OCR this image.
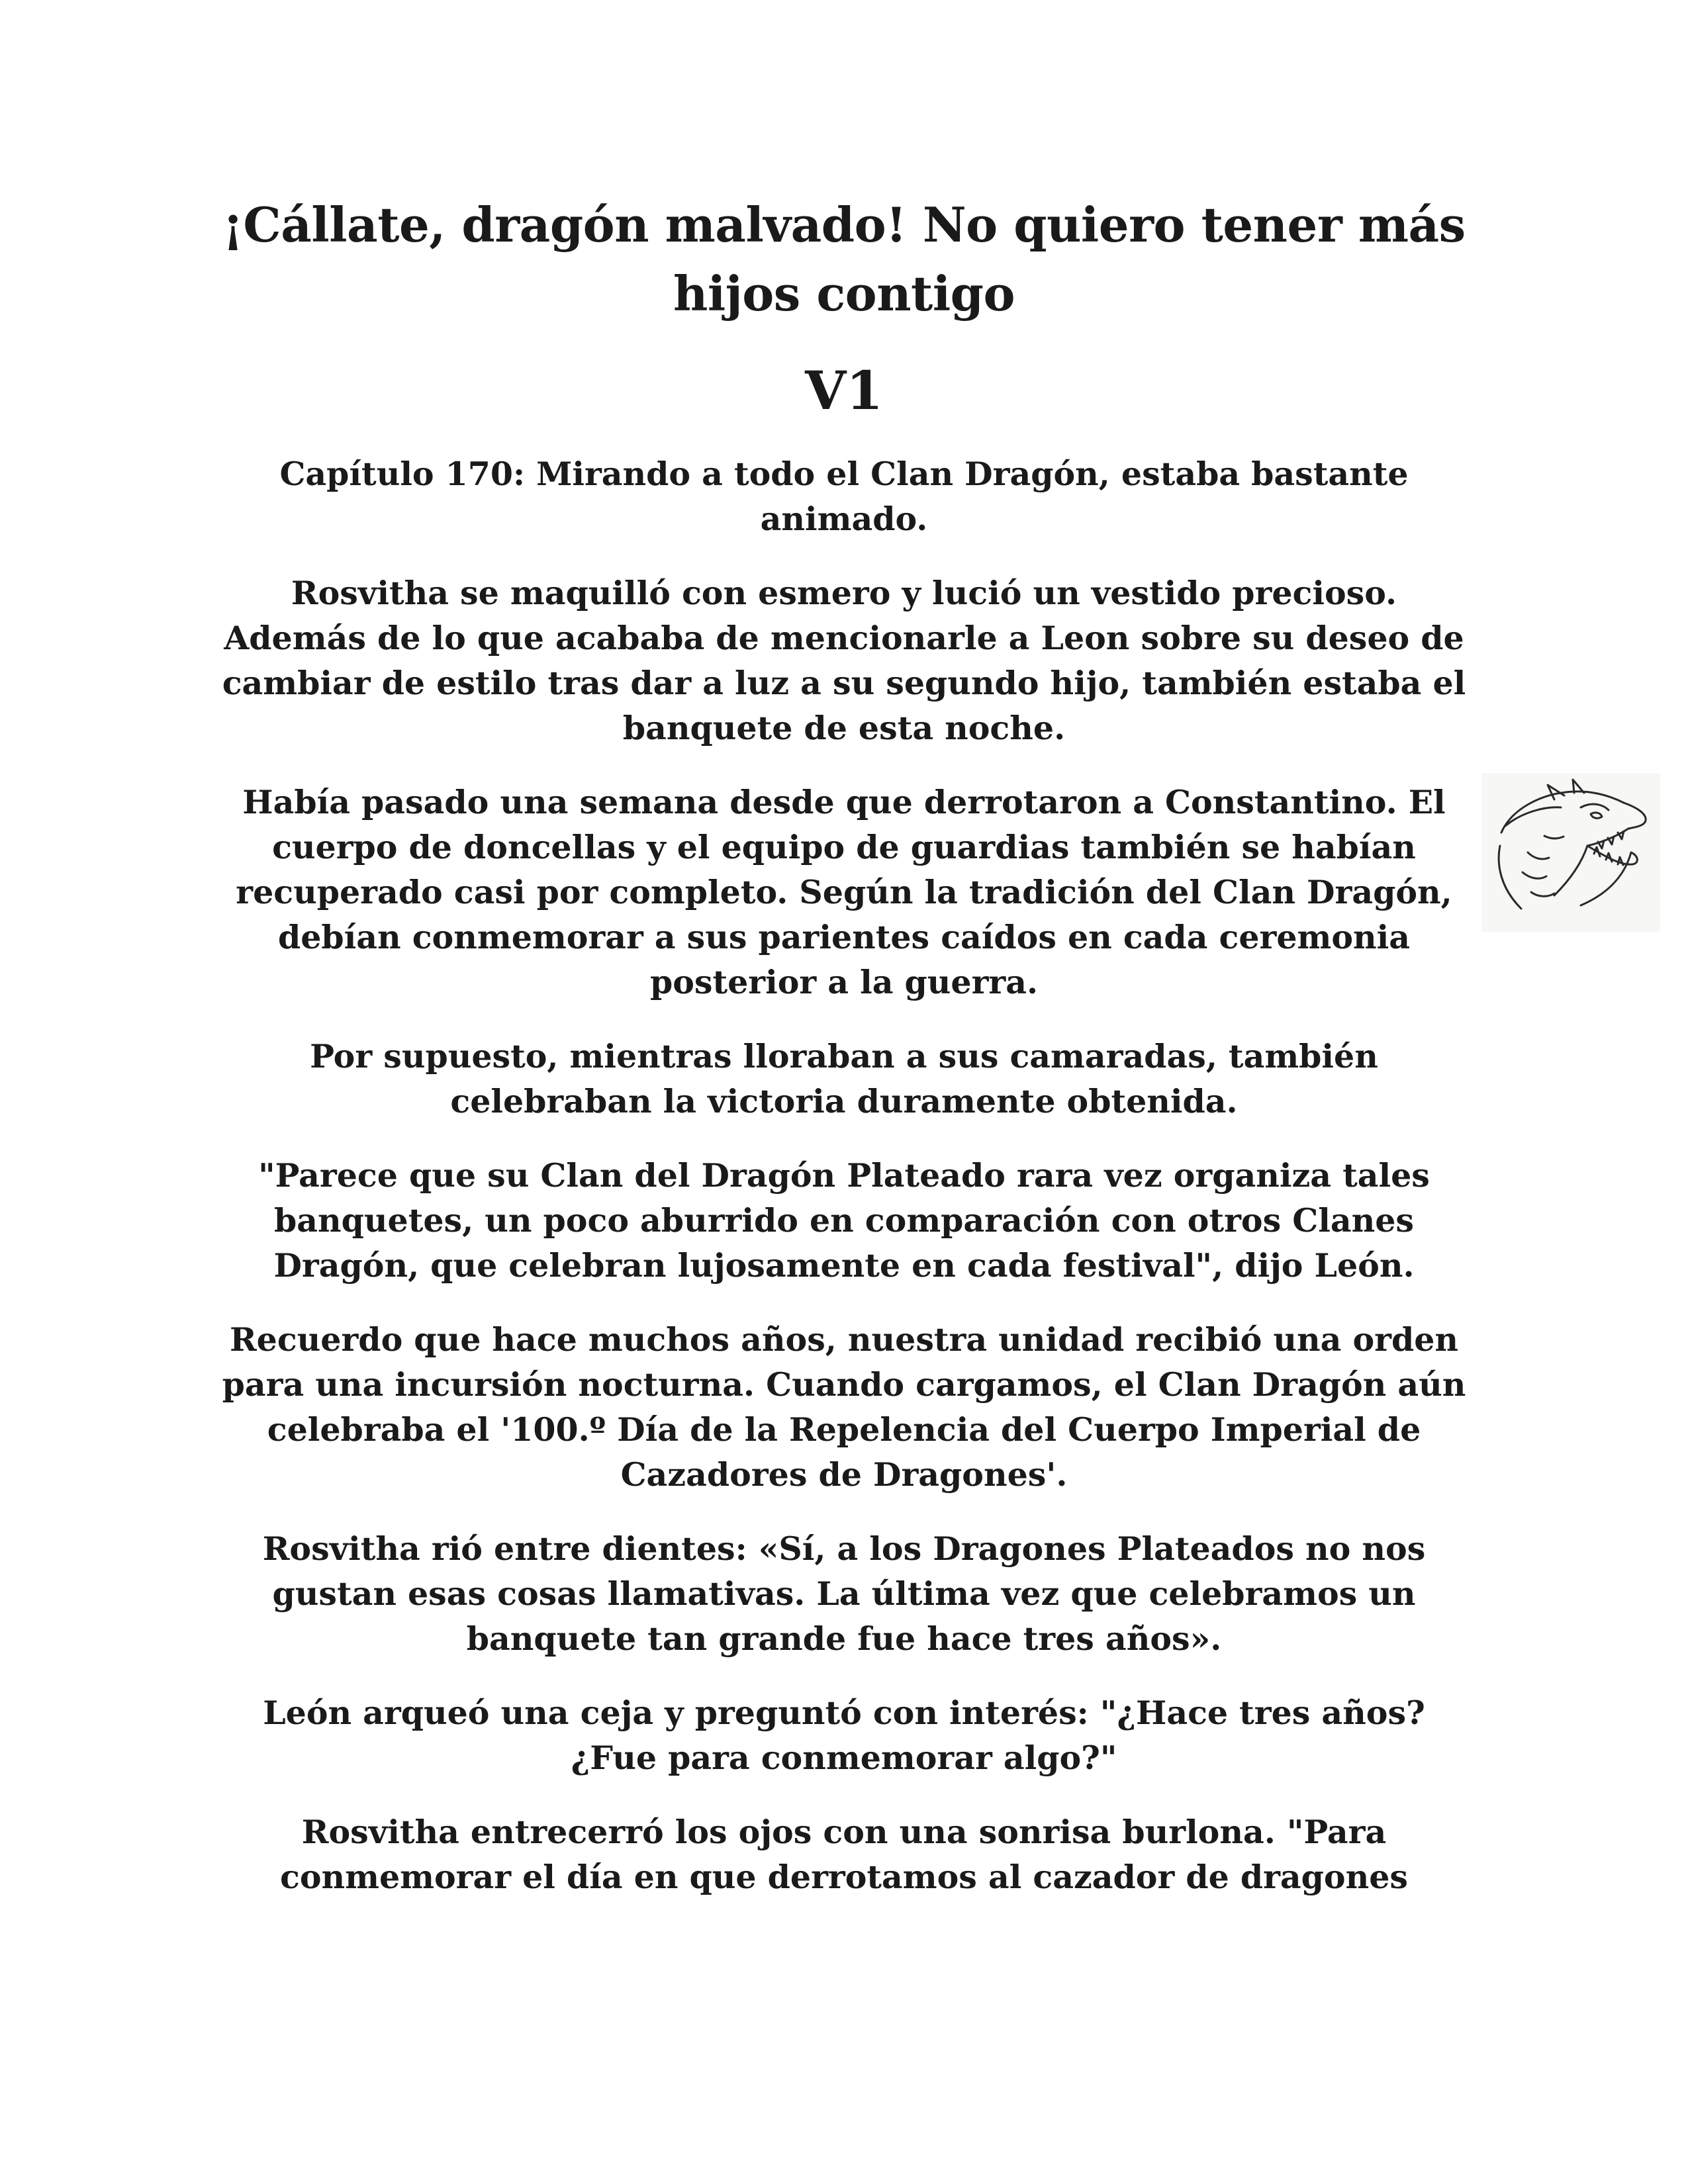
¡Cállate, dragón malvado! No quiero tener más hijos contigo
V1

Capítulo 170: Mirando a todo el Clan Dragón, estaba bastante animado.

Rosvitha se maquilló con esmero y lució un vestido precioso. Además de lo que acababa de mencionarle a Leon sobre su deseo de cambiar de estilo tras dar a luz a su segundo hijo, también estaba el banquete de esta noche.

Había pasado una semana desde que derrotaron a Constantino. El cuerpo de doncellas y el equipo de guardias también se habían recuperado casi por completo. Según la tradición del Clan Dragón, debían conmemorar a sus parientes caídos en cada ceremonia posterior a la guerra.

Por supuesto, mientras lloraban a sus camaradas, también celebraban la victoria duramente obtenida.

"Parece que su Clan del Dragón Plateado rara vez organiza tales banquetes, un poco aburrido en comparación con otros Clanes Dragón, que celebran lujosamente en cada festival", dijo León.

Recuerdo que hace muchos años, nuestra unidad recibió una orden para una incursión nocturna. Cuando cargamos, el Clan Dragón aún celebraba el '100.º Día de la Repelencia del Cuerpo Imperial de Cazadores de Dragones'.

Rosvitha rió entre dientes: «Sí, a los Dragones Plateados no nos gustan esas cosas llamativas. La última vez que celebramos un banquete tan grande fue hace tres años».

León arqueó una ceja y preguntó con interés: "¿Hace tres años? ¿Fue para conmemorar algo?"

Rosvitha entrecerró los ojos con una sonrisa burlona. "Para conmemorar el día en que derrotamos al cazador de dragones
